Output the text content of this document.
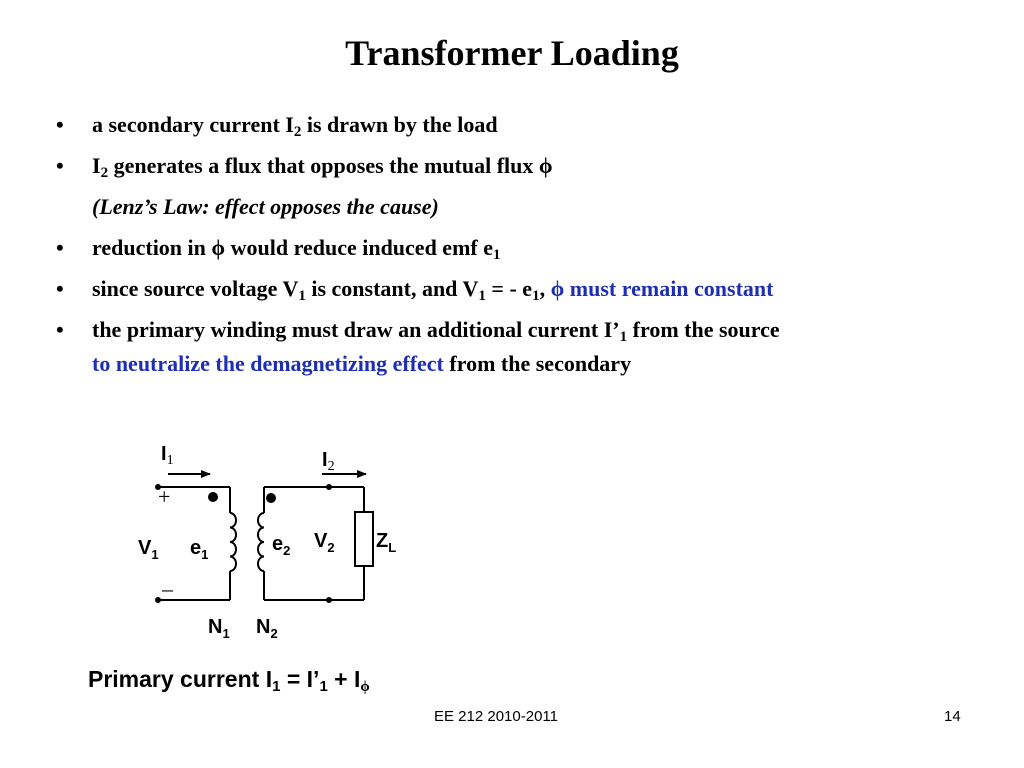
Transformer Loading
• a secondary current $I_2$ is drawn by the load
• $I_2$ generates a flux that opposes the mutual flux ϕ
(Lenz’s Law: effect opposes the cause)
• reduction in ϕ would reduce induced emf $e_1$
• since source voltage $V_1$ is constant, and $V_1$ = - $e_1$, ϕ must remain constant
• the primary winding must draw an additional current $I’_1$ from the source
to neutralize the demagnetizing effect from the secondary
$I_1$	$I_2$
$V_1$ $e_1$	$e_2$ $V_2$ $Z_L$
$N_1$ $N_2$
+
–
Primary current $I_1$ = $I’_1 + I_\phi$
EE 212 2010-2011	14
